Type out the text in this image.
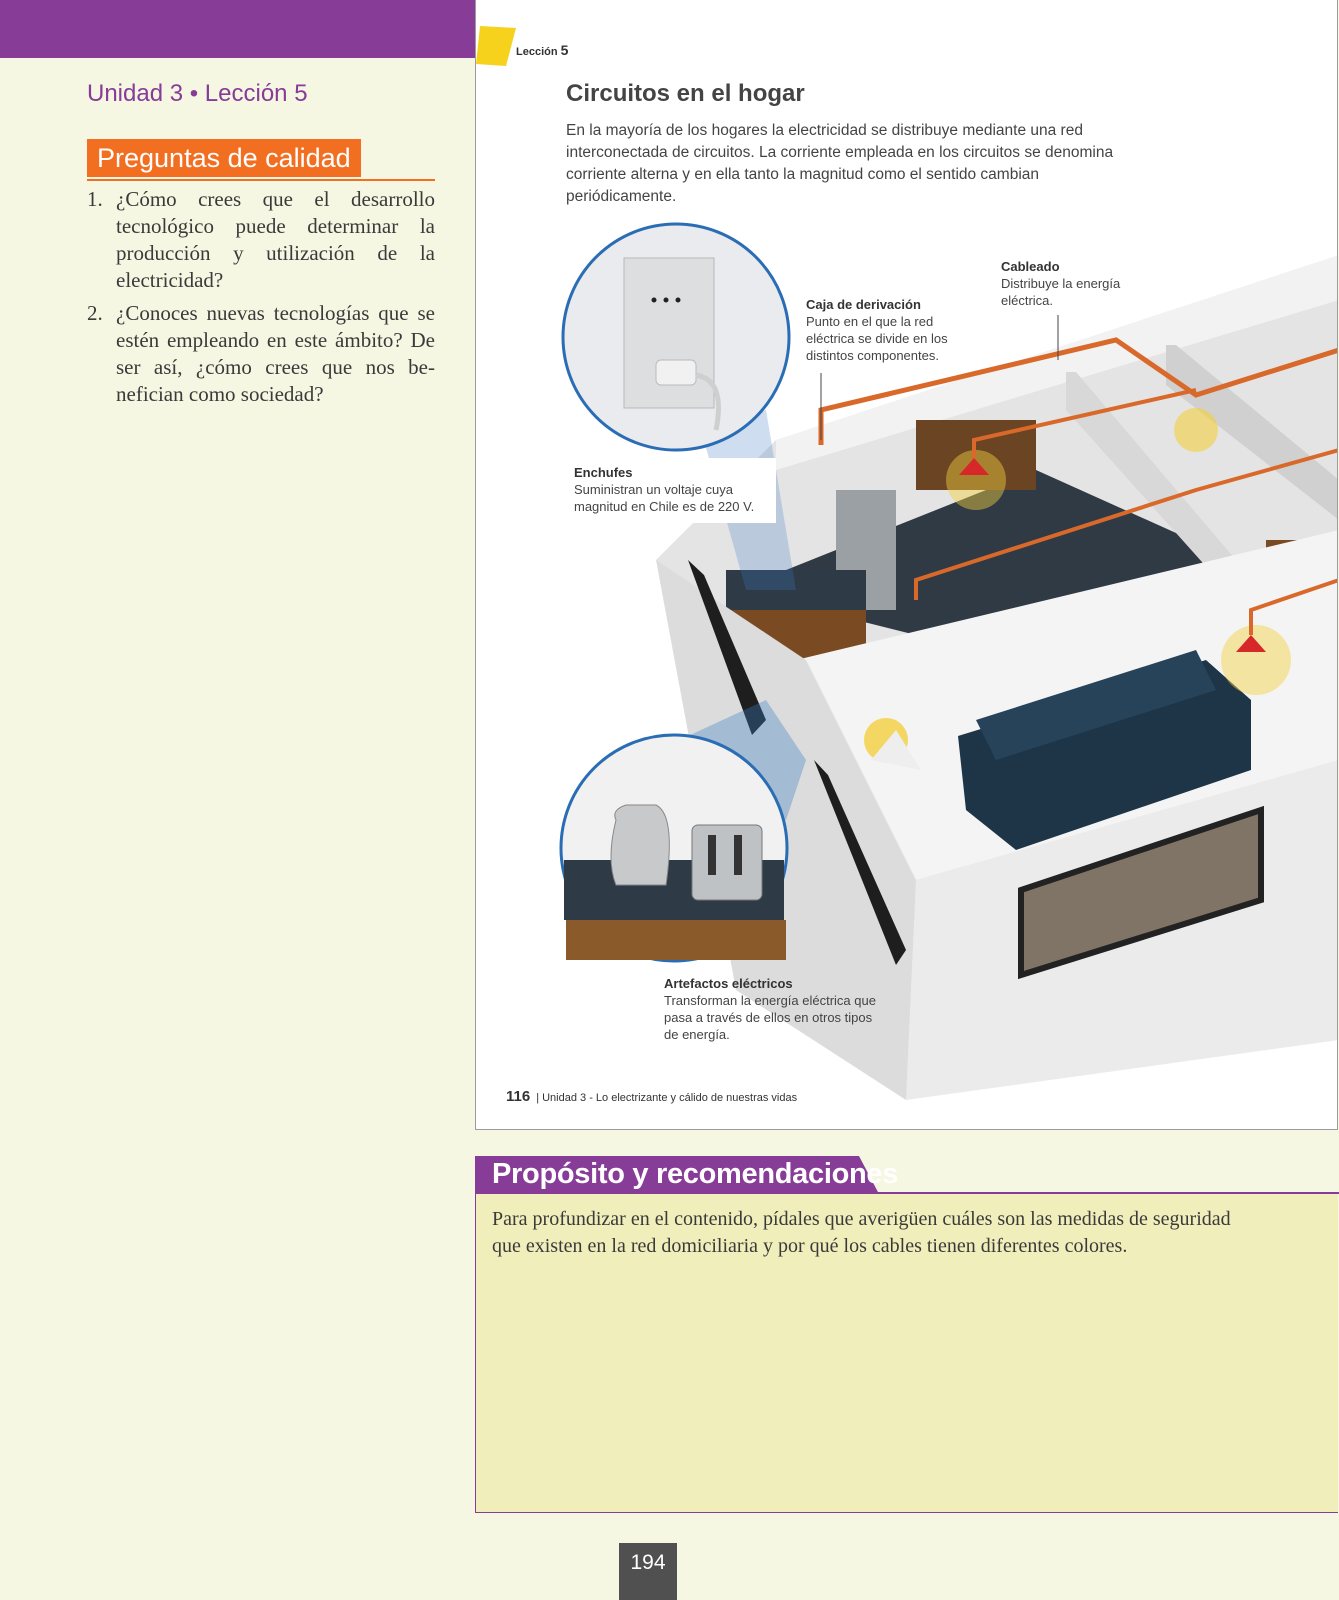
Unidad 3 • Lección 5
Preguntas de calidad
1. ¿Cómo crees que el desarrollo tecnológico puede determinar la producción y utilización de la electricidad?
2. ¿Conoces nuevas tecnologías que se estén empleando en este ámbito? De ser así, ¿cómo crees que nos be-nefician como sociedad?
Lección 5
Circuitos en el hogar
En la mayoría de los hogares la electricidad se distribuye mediante una red interconectada de circuitos. La corriente empleada en los circuitos se denomina corriente alterna y en ella tanto la magnitud como el sentido cambian periódicamente.
Cableado
Distribuye la energía eléctrica.
Caja de derivación
Punto en el que la red eléctrica se divide en los distintos componentes.
Enchufes
Suministran un voltaje cuya magnitud en Chile es de 220 V.
Artefactos eléctricos
Transforman la energía eléctrica que pasa a través de ellos en otros tipos de energía.
116 | Unidad 3 - Lo electrizante y cálido de nuestras vidas
Propósito y recomendaciones
Para profundizar en el contenido, pídales que averigüen cuáles son las medidas de seguridad que existen en la red domiciliaria y por qué los cables tienen diferentes colores.
194
